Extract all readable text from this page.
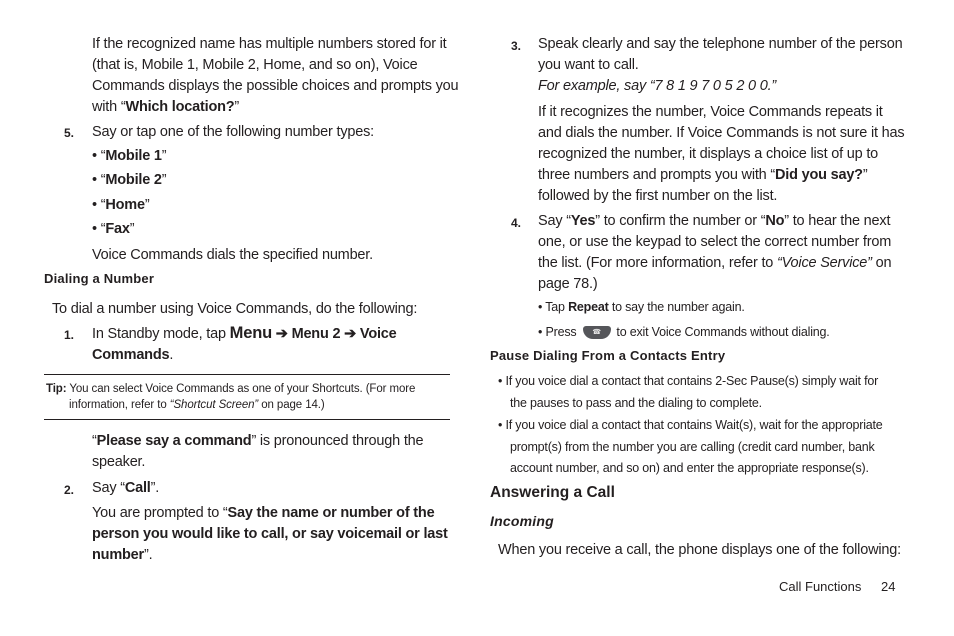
If the recognized name has multiple numbers stored for it
(that is, Mobile 1, Mobile 2, Home, and so on), Voice
Commands displays the possible choices and prompts you
with “Which location?”
5. Say or tap one of the following number types:
• “Mobile 1”
• “Mobile 2”
• “Home”
• “Fax”
Voice Commands dials the specified number.
Dialing a Number
To dial a number using Voice Commands, do the following:
1. In Standby mode, tap Menu ➔ Menu 2 ➔ Voice
Commands.
Tip: You can select Voice Commands as one of your Shortcuts. (For more
information, refer to “Shortcut Screen” on page 14.)
“Please say a command” is pronounced through the
speaker.
2. Say “Call”.
You are prompted to “Say the name or number of the
person you would like to call, or say voicemail or last
number”.
3. Speak clearly and say the telephone number of the person
you want to call.
For example, say “7 8 1 9 7 0 5 2 0 0.”
If it recognizes the number, Voice Commands repeats it
and dials the number. If Voice Commands is not sure it has
recognized the number, it displays a choice list of up to
three numbers and prompts you with “Did you say?”
followed by the first number on the list.
4. Say “Yes” to confirm the number or “No” to hear the next
one, or use the keypad to select the correct number from
the list. (For more information, refer to “Voice Service” on
page 78.)
• Tap Repeat to say the number again.
• Press ☎ to exit Voice Commands without dialing.
Pause Dialing From a Contacts Entry
• If you voice dial a contact that contains 2-Sec Pause(s) simply wait for
the pauses to pass and the dialing to complete.
• If you voice dial a contact that contains Wait(s), wait for the appropriate
prompt(s) from the number you are calling (credit card number, bank
account number, and so on) and enter the appropriate response(s).
Answering a Call
Incoming
When you receive a call, the phone displays one of the following:
Call Functions 24
